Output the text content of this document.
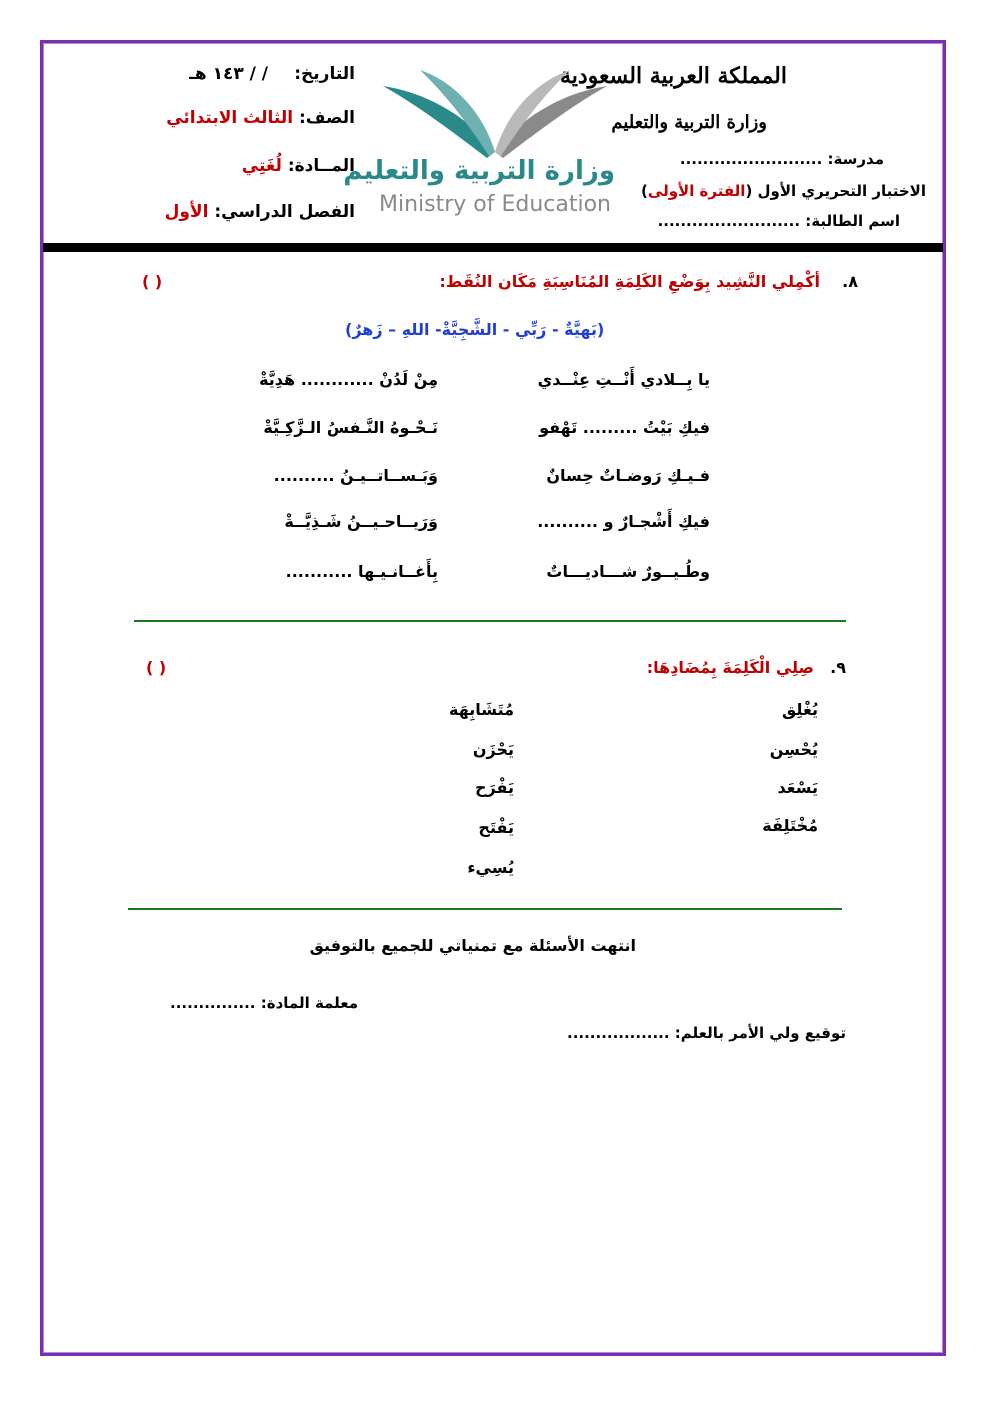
المملكة العربية السعودية
وزارة التربية والتعليم
مدرسة: .........................
الاختبار التحريري الأول (الفترة الأولى)
اسم الطالبة: .........................
وزارة التربية والتعليم
Ministry of Education
التاريخ:
/ / ١٤٣ هـ
الصف: الثالث الابتدائي
المــادة: لُغَتِي
الفصل الدراسي: الأول
٨.
أكْمِلي النَّشِيد بِوَضْعِ الكَلِمَةِ المُنَاسِبَةِ مَكَان النُقَط:
( )
(بَهيَّةٌ - رَبِّي - الشَّجِيَّةْ- اللهِ – زَهرٌ)
يا بِــلادي أَنْــتِ عِنْــدي
مِنْ لَدُنْ ............ هَدِيَّةْ
فيكِ بَيْتُ ......... تَهْفو
نَـحْـوهُ النَّـفسُ الـزَّكِـيَّةْ
فـيـكِ رَوضـاتٌ حِسانٌ
وَبَـســاتــيـنُ ..........
فيكِ أَشْجـارٌ و ..........
وَرَيــاحـيــنُ شَـذِيَّــةْ
وطُـيــورٌ شـــاديـــاتٌ
بِأَغــانـيـها ...........
٩.
صِلِي الْكَلِمَةَ بِمُضَادِهَا:
( )
يُغْلِق
يُحْسِن
يَسْعَد
مُخْتَلِفَة
مُتَشَابِهَة
يَحْزَن
يَفْرَح
يَفْتَح
يُسِيء
انتهت الأسئلة مع تمنياتي للجميع بالتوفيق
معلمة المادة: ...............
توقيع ولي الأمر بالعلم: ..................
